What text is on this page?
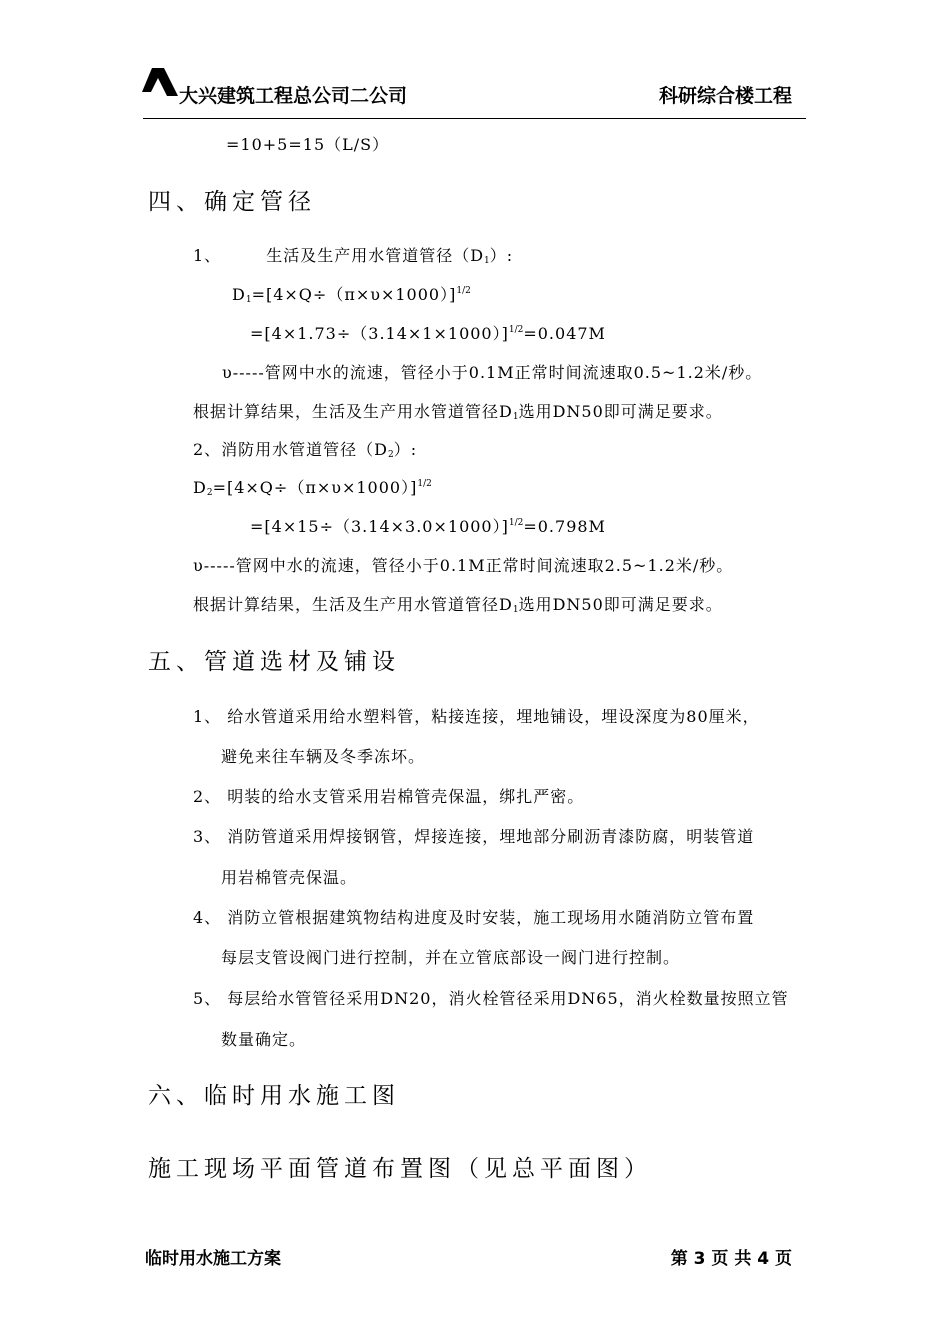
大兴建筑工程总公司二公司	科研综合楼工程
=10+5=15（L/S）
四、确定管径
1、	生活及生产用水管道管径$(D_1)$:
$D_1=[4\times Q\div(\pi\times\upsilon\times 1000)]^{1/2}$
$=[4\times 1.73\div(3.14\times 1\times 1000)]^{1/2}=0.047M$
υ-----管网中水的流速，管径小于0.1M正常时间流速取0.5~1.2米/秒。
根据计算结果，生活及生产用水管道管径$D_1$选用DN50即可满足要求。
2、消防用水管道管径$(D_2)$:
$D_2=[4\times Q\div(\pi\times\upsilon\times 1000)]^{1/2}$
$=[4\times 15\div(3.14\times 3.0\times 1000)]^{1/2}=0.798M$
υ-----管网中水的流速，管径小于0.1M正常时间流速取2.5~1.2米/秒。
根据计算结果，生活及生产用水管道管径$D_1$选用DN50即可满足要求。
五、管道选材及铺设
1、 给水管道采用给水塑料管，粘接连接，埋地铺设，埋设深度为80厘米，
避免来往车辆及冬季冻坏。
2、 明装的给水支管采用岩棉管壳保温，绑扎严密。
3、 消防管道采用焊接钢管，焊接连接，埋地部分刷沥青漆防腐，明装管道
用岩棉管壳保温。
4、 消防立管根据建筑物结构进度及时安装，施工现场用水随消防立管布置
每层支管设阀门进行控制，并在立管底部设一阀门进行控制。
5、 每层给水管管径采用DN20，消火栓管径采用DN65，消火栓数量按照立管
数量确定。
六、临时用水施工图
施工现场平面管道布置图（见总平面图）
临时用水施工方案	第 3 页 共 4 页
